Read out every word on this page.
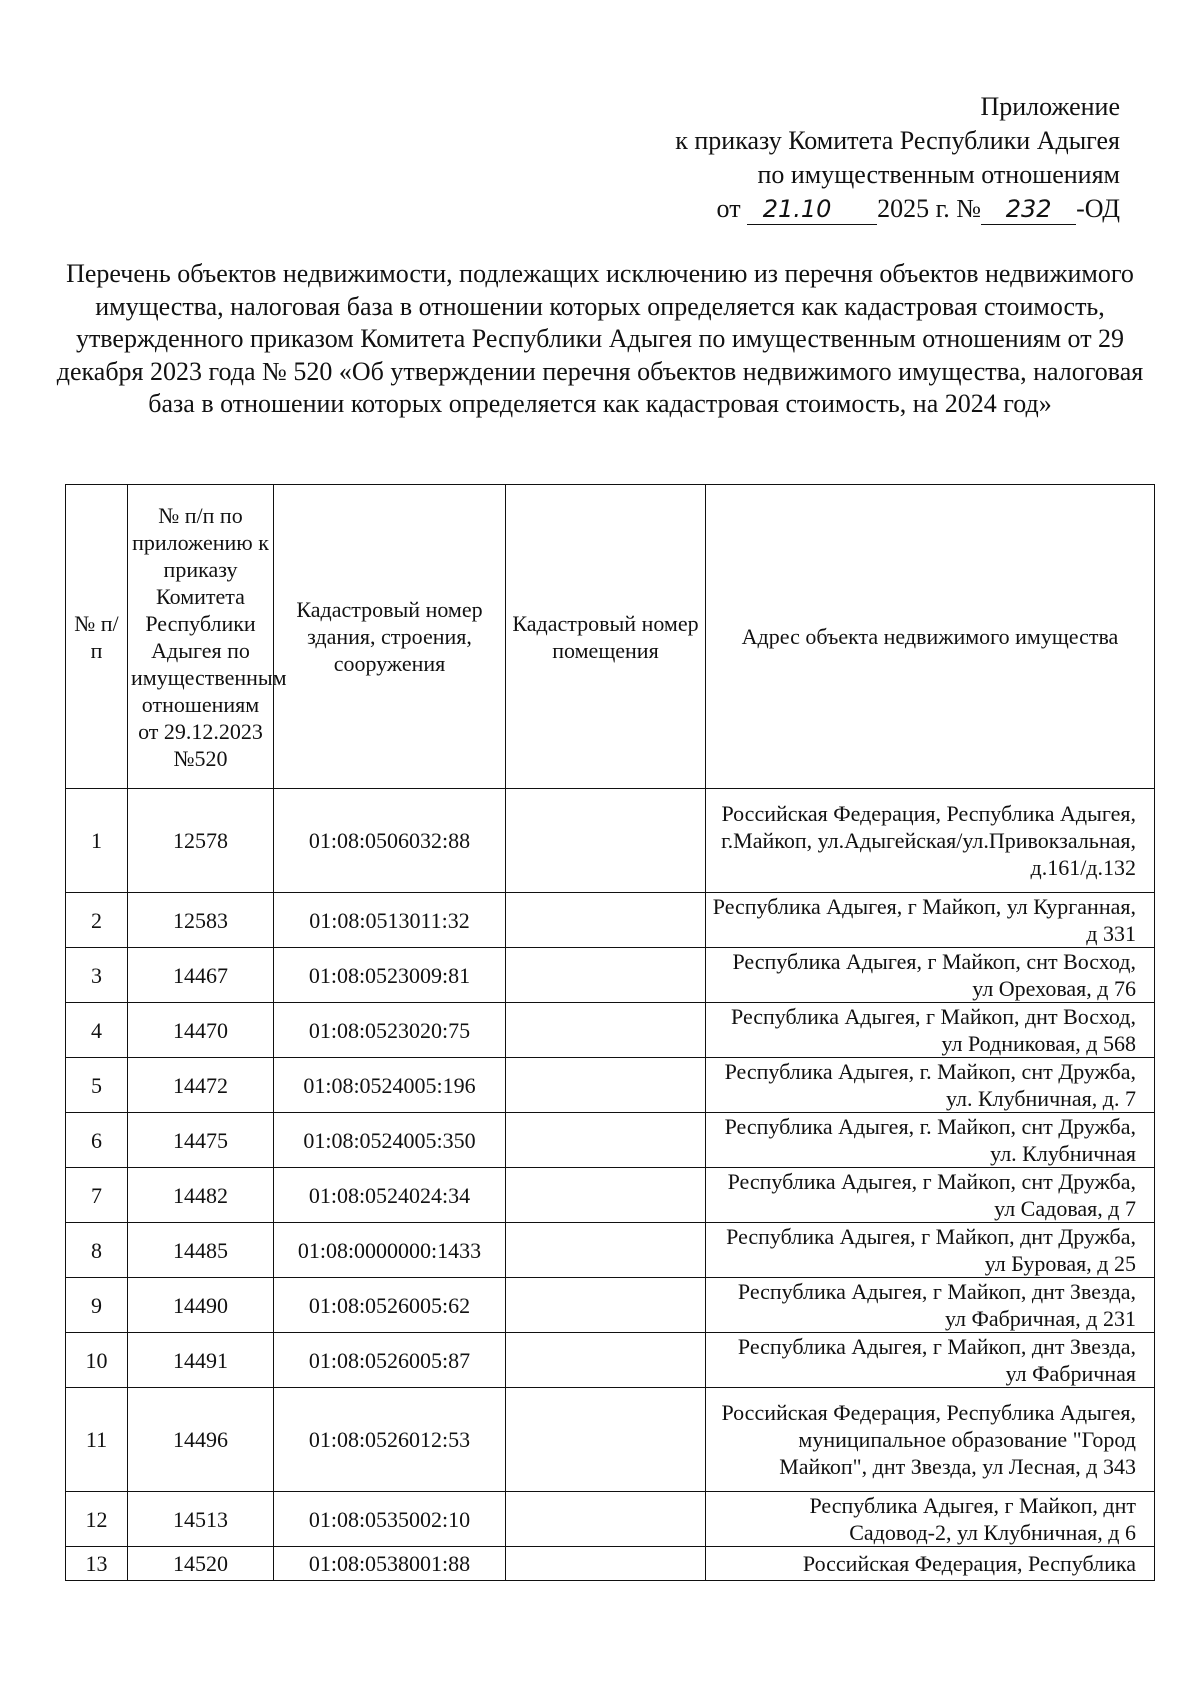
Приложение
к приказу Комитета Республики Адыгея
по имущественным отношениям
от 21.10 2025 г. № 232 -ОД
Перечень объектов недвижимости, подлежащих исключению из перечня объектов недвижимого имущества, налоговая база в отношении которых определяется как кадастровая стоимость, утвержденного приказом Комитета Республики Адыгея по имущественным отношениям от 29 декабря 2023 года № 520 «Об утверждении перечня объектов недвижимого имущества, налоговая база в отношении которых определяется как кадастровая стоимость, на 2024 год»
№ п/п	№ п/п по приложению к приказу Комитета Республики Адыгея по имущественным отношениям от 29.12.2023 №520	Кадастровый номер здания, строения, сооружения	Кадастровый номер помещения	Адрес объекта недвижимого имущества
1	12578	01:08:0506032:88		Российская Федерация, Республика Адыгея, г.Майкоп, ул.Адыгейская/ул.Привокзальная, д.161/д.132
2	12583	01:08:0513011:32		Республика Адыгея, г Майкоп, ул Курганная, д 331
3	14467	01:08:0523009:81		Республика Адыгея, г Майкоп, снт Восход, ул Ореховая, д 76
4	14470	01:08:0523020:75		Республика Адыгея, г Майкоп, днт Восход, ул Родниковая, д 568
5	14472	01:08:0524005:196		Республика Адыгея, г. Майкоп, снт Дружба, ул. Клубничная, д. 7
6	14475	01:08:0524005:350		Республика Адыгея, г. Майкоп, снт Дружба, ул. Клубничная
7	14482	01:08:0524024:34		Республика Адыгея, г Майкоп, снт Дружба, ул Садовая, д 7
8	14485	01:08:0000000:1433		Республика Адыгея, г Майкоп, днт Дружба, ул Буровая, д 25
9	14490	01:08:0526005:62		Республика Адыгея, г Майкоп, днт Звезда, ул Фабричная, д 231
10	14491	01:08:0526005:87		Республика Адыгея, г Майкоп, днт Звезда, ул Фабричная
11	14496	01:08:0526012:53		Российская Федерация, Республика Адыгея, муниципальное образование "Город Майкоп", днт Звезда, ул Лесная, д 343
12	14513	01:08:0535002:10		Республика Адыгея, г Майкоп, днт Садовод-2, ул Клубничная, д 6
13	14520	01:08:0538001:88		Российская Федерация, Республика
